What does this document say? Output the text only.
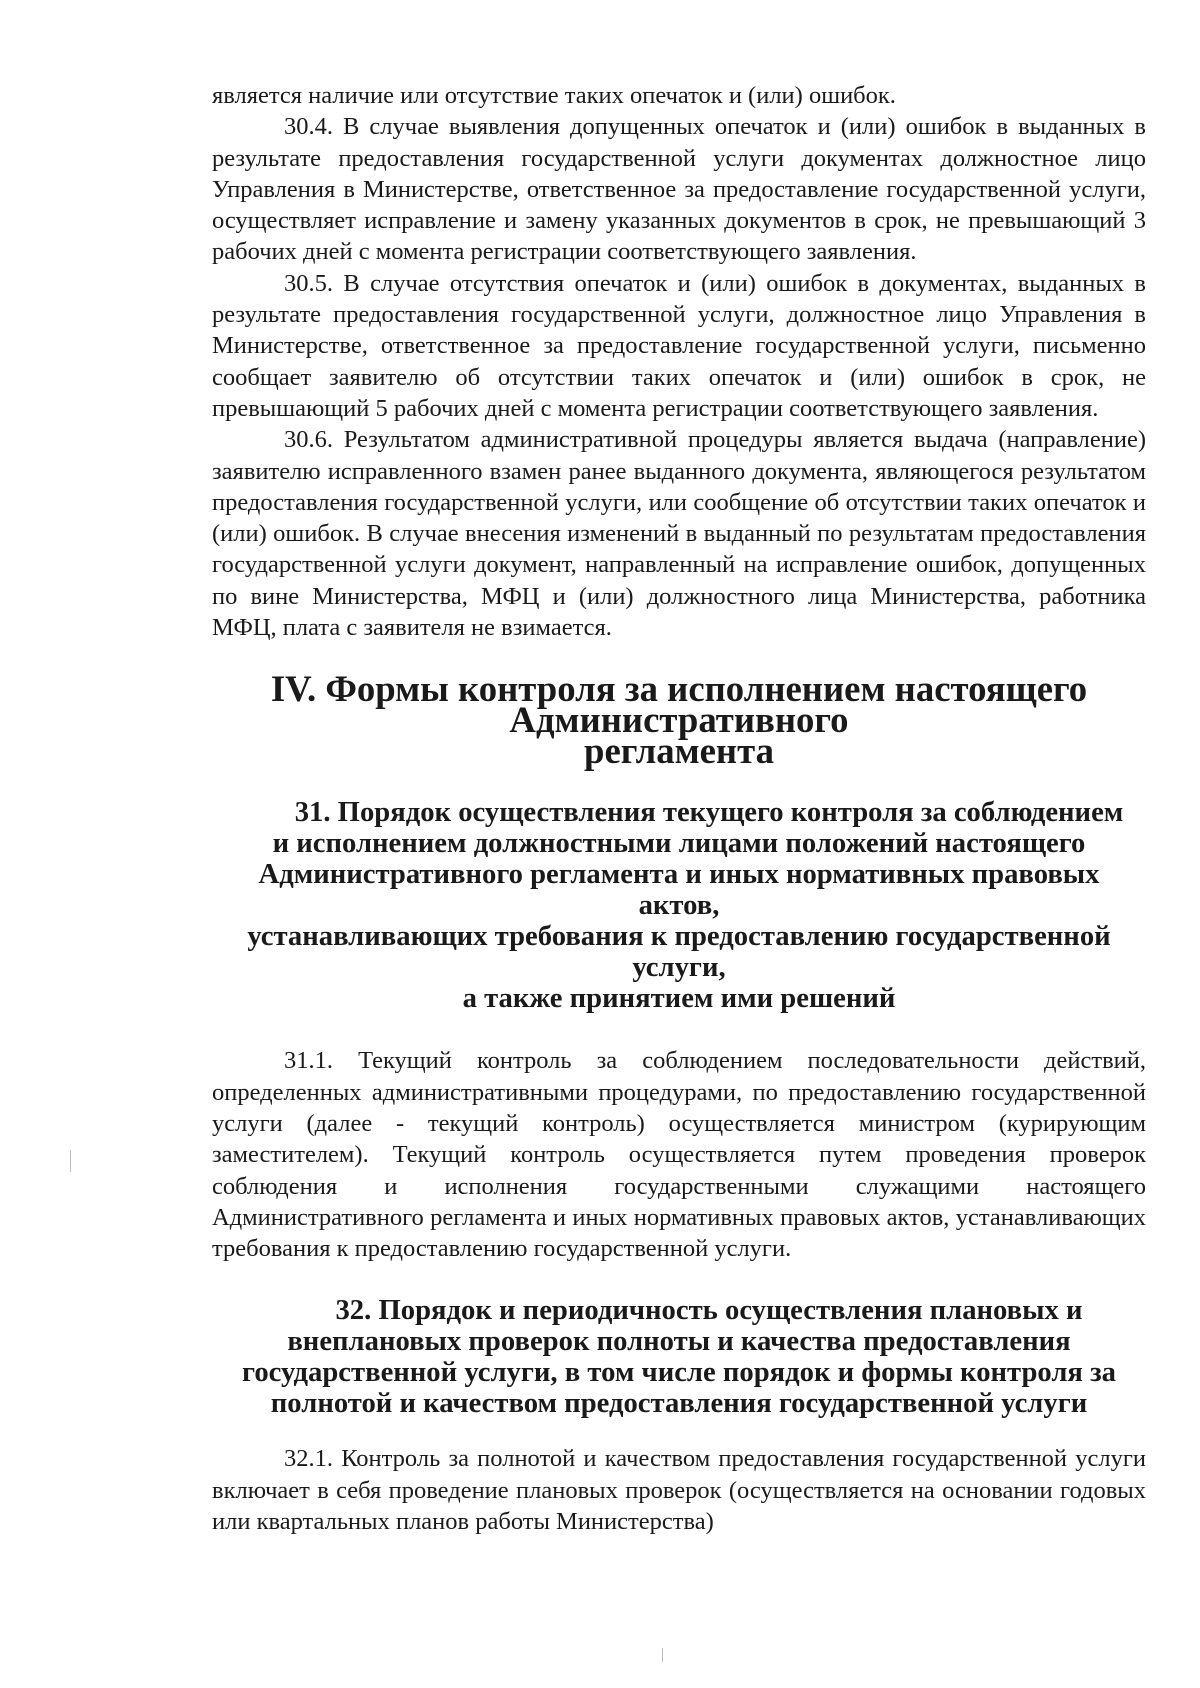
является наличие или отсутствие таких опечаток и (или) ошибок.

30.4. В случае выявления допущенных опечаток и (или) ошибок в выданных в результате предоставления государственной услуги документах должностное лицо Управления в Министерстве, ответственное за предоставление государственной услуги, осуществляет исправление и замену указанных документов в срок, не превышающий 3 рабочих дней с момента регистрации соответствующего заявления.

30.5. В случае отсутствия опечаток и (или) ошибок в документах, выданных в результате предоставления государственной услуги, должностное лицо Управления в Министерстве, ответственное за предоставление государственной услуги, письменно сообщает заявителю об отсутствии таких опечаток и (или) ошибок в срок, не превышающий 5 рабочих дней с момента регистрации соответствующего заявления.

30.6. Результатом административной процедуры является выдача (направление) заявителю исправленного взамен ранее выданного документа, являющегося результатом предоставления государственной услуги, или сообщение об отсутствии таких опечаток и (или) ошибок. В случае внесения изменений в выданный по результатам предоставления государственной услуги документ, направленный на исправление ошибок, допущенных по вине Министерства, МФЦ и (или) должностного лица Министерства, работника МФЦ, плата с заявителя не взимается.

IV. Формы контроля за исполнением настоящего Административного
регламента
31. Порядок осуществления текущего контроля за соблюдением
и исполнением должностными лицами положений настоящего
Административного регламента и иных нормативных правовых актов,
устанавливающих требования к предоставлению государственной услуги,
а также принятием ими решений

31.1. Текущий контроль за соблюдением последовательности действий, определенных административными процедурами, по предоставлению государственной услуги (далее - текущий контроль) осуществляется министром (курирующим заместителем). Текущий контроль осуществляется путем проведения проверок соблюдения и исполнения государственными служащими настоящего Административного регламента и иных нормативных правовых актов, устанавливающих требования к предоставлению государственной услуги.

32. Порядок и периодичность осуществления плановых и
внеплановых проверок полноты и качества предоставления
государственной услуги, в том числе порядок и формы контроля за
полнотой и качеством предоставления государственной услуги

32.1. Контроль за полнотой и качеством предоставления государственной услуги включает в себя проведение плановых проверок (осуществляется на основании годовых или квартальных планов работы Министерства)
